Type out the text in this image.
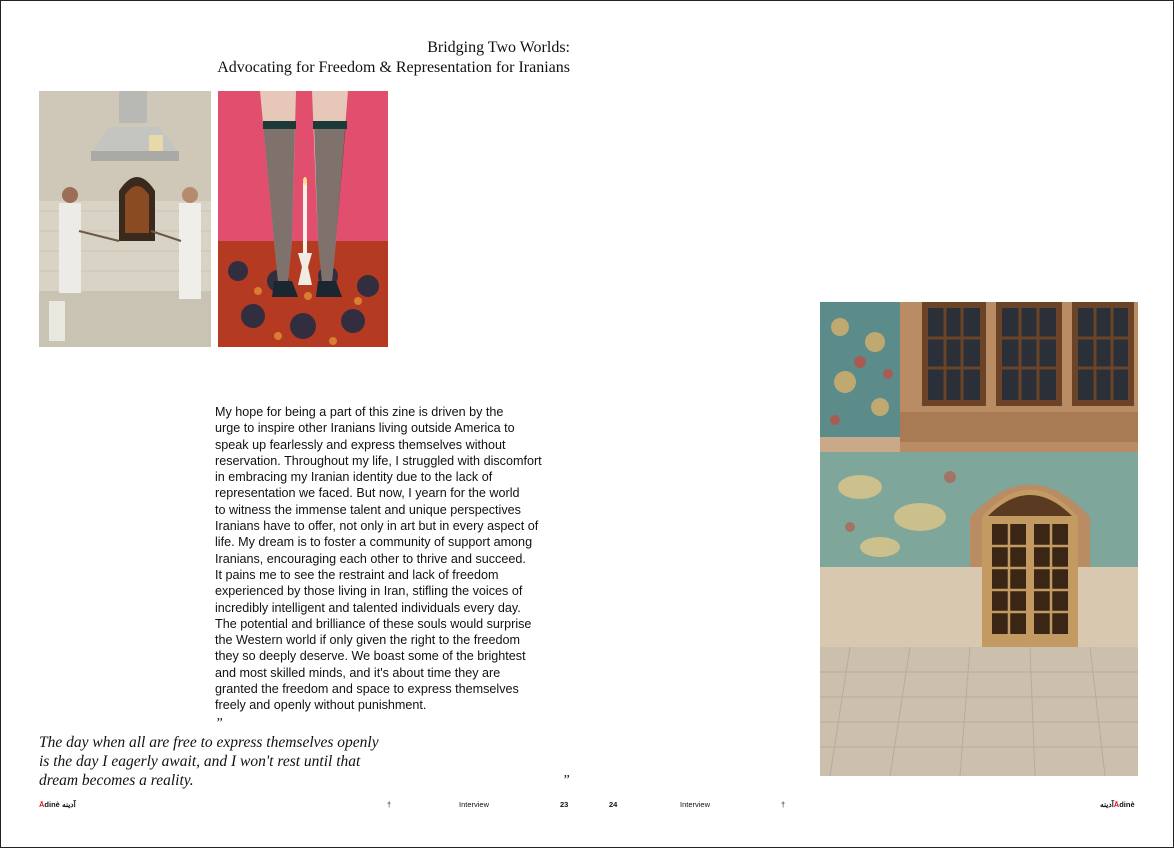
Bridging Two Worlds:
Advocating for Freedom & Representation for Iranians
My hope for being a part of this zine is driven by the
urge to inspire other Iranians living outside America to
speak up fearlessly and express themselves without
reservation. Throughout my life, I struggled with discomfort
in embracing my Iranian identity due to the lack of
representation we faced. But now, I yearn for the world
to witness the immense talent and unique perspectives
Iranians have to offer, not only in art but in every aspect of
life. My dream is to foster a community of support among
Iranians, encouraging each other to thrive and succeed.
It pains me to see the restraint and lack of freedom
experienced by those living in Iran, stifling the voices of
incredibly intelligent and talented individuals every day.
The potential and brilliance of these souls would surprise
the Western world if only given the right to the freedom
they so deeply deserve. We boast some of the brightest
and most skilled minds, and it's about time they are
granted the freedom and space to express themselves
freely and openly without punishment.
”
The day when all are free to express themselves openly
is the day I eagerly await, and I won't rest until that
dream becomes a reality.	”
Ādinè آدینه	†	Interview	23	24	Interview	†	آدینهĀdinè
